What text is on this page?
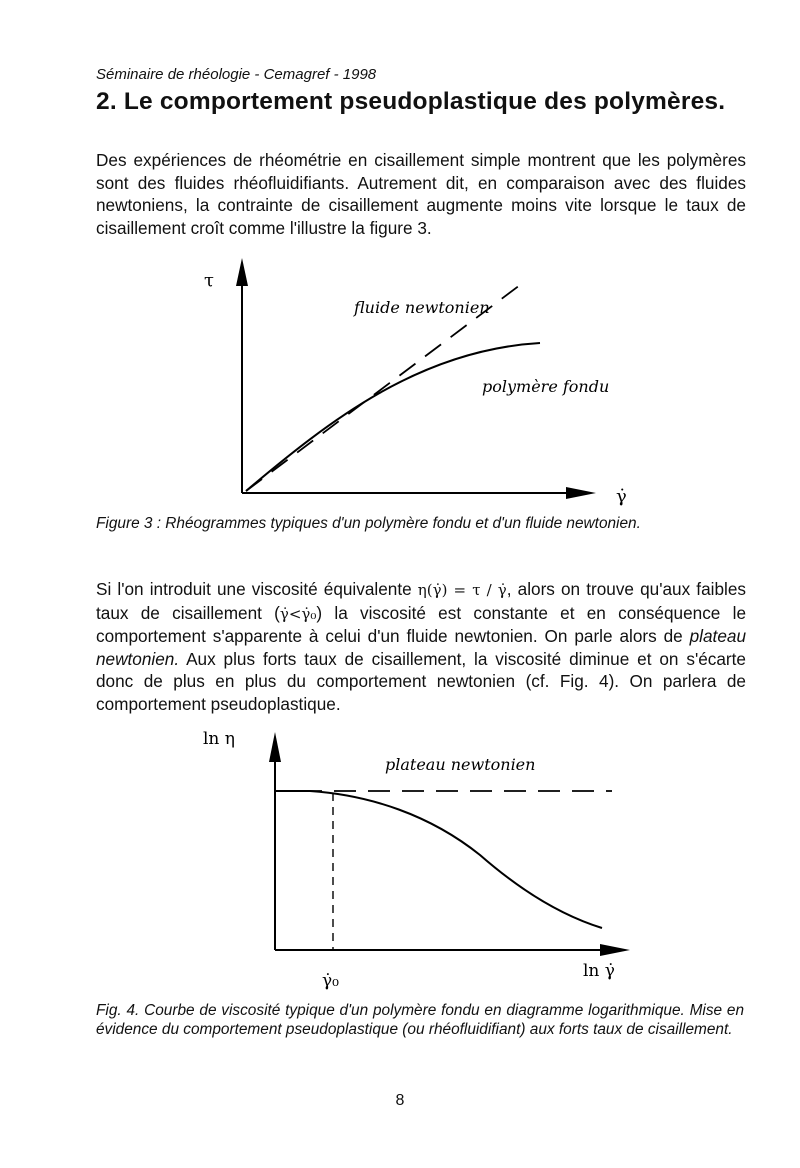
Séminaire de rhéologie - Cemagref - 1998
2. Le comportement pseudoplastique des polymères.
Des expériences de rhéométrie en cisaillement simple montrent que les polymères sont des fluides rhéofluidifiants. Autrement dit, en comparaison avec des fluides newtoniens, la contrainte de cisaillement augmente moins vite lorsque le taux de cisaillement croît comme l'illustre la figure 3.
τ
γ̇
fluide newtonien
polymère fondu
ln η
ln γ̇
γ̇₀
plateau newtonien
Figure 3 : Rhéogrammes typiques d'un polymère fondu et d'un fluide newtonien.
Si l'on introduit une viscosité équivalente η(γ̇) = τ / γ̇, alors on trouve qu'aux faibles taux de cisaillement (γ̇<γ̇₀) la viscosité est constante et en conséquence le comportement s'apparente à celui d'un fluide newtonien. On parle alors de plateau newtonien. Aux plus forts taux de cisaillement, la viscosité diminue et on s'écarte donc de plus en plus du comportement newtonien (cf. Fig. 4). On parlera de comportement pseudoplastique.
Fig. 4. Courbe de viscosité typique d'un polymère fondu en diagramme logarithmique. Mise en évidence du comportement pseudoplastique (ou rhéofluidifiant) aux forts taux de cisaillement.
8
